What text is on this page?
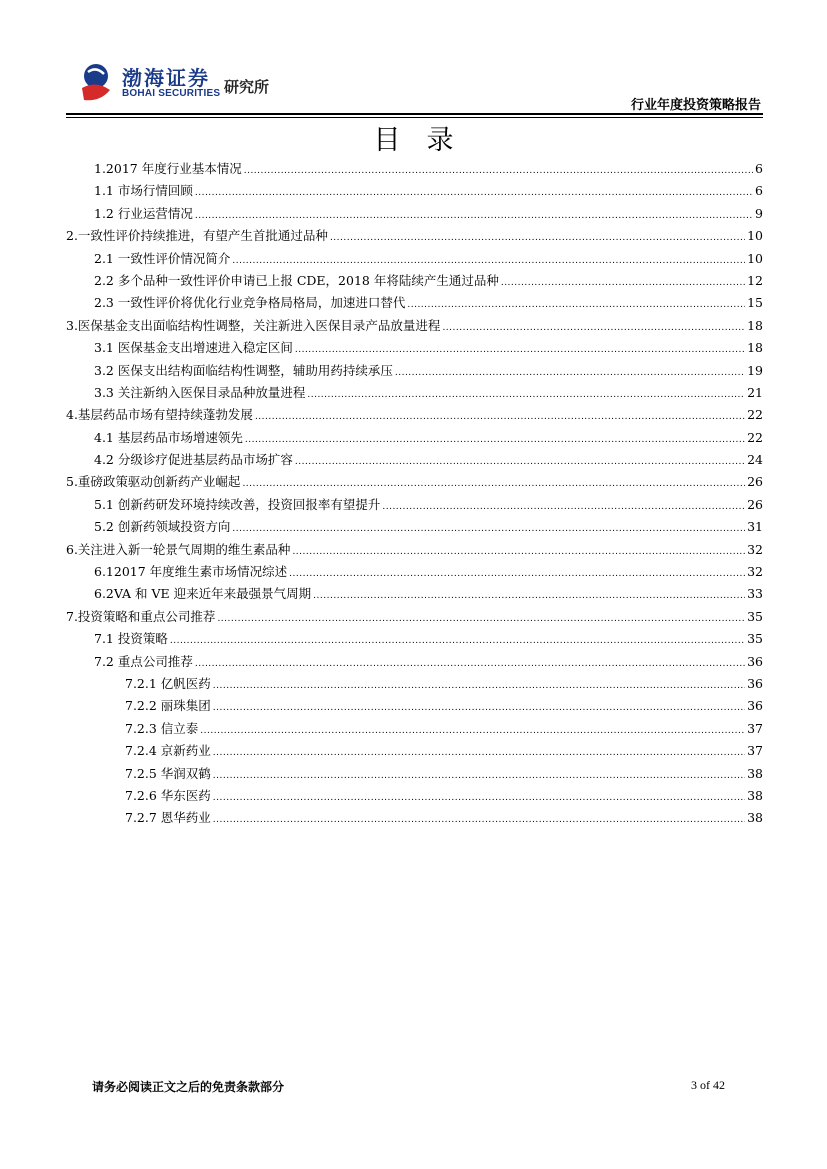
渤海证券
BOHAI SECURITIES 研究所
行业年度投资策略报告
目录
1.2017 年度行业基本情况 .....	6
1.1 市场行情回顾 .....	6
1.2 行业运营情况 .....	9
2.一致性评价持续推进，有望产生首批通过品种 .....	10
2.1 一致性评价情况简介 .....	10
2.2 多个品种一致性评价申请已上报 CDE，2018 年将陆续产生通过品种 .....	12
2.3 一致性评价将优化行业竞争格局格局，加速进口替代 .....	15
3.医保基金支出面临结构性调整，关注新进入医保目录产品放量进程 .....	18
3.1 医保基金支出增速进入稳定区间 .....	18
3.2 医保支出结构面临结构性调整，辅助用药持续承压 .....	19
3.3 关注新纳入医保目录品种放量进程 .....	21
4.基层药品市场有望持续蓬勃发展 .....	22
4.1 基层药品市场增速领先 .....	22
4.2 分级诊疗促进基层药品市场扩容 .....	24
5.重磅政策驱动创新药产业崛起 .....	26
5.1 创新药研发环境持续改善，投资回报率有望提升 .....	26
5.2 创新药领域投资方向 .....	31
6.关注进入新一轮景气周期的维生素品种 .....	32
6.12017 年度维生素市场情况综述 .....	32
6.2VA 和 VE 迎来近年来最强景气周期 .....	33
7.投资策略和重点公司推荐 .....	35
7.1 投资策略 .....	35
7.2 重点公司推荐 .....	36
7.2.1 亿帆医药 .....	36
7.2.2 丽珠集团 .....	36
7.2.3 信立泰 .....	37
7.2.4 京新药业 .....	37
7.2.5 华润双鹤 .....	38
7.2.6 华东医药 .....	38
7.2.7 恩华药业 .....	38
请务必阅读正文之后的免责条款部分	3 of 42
